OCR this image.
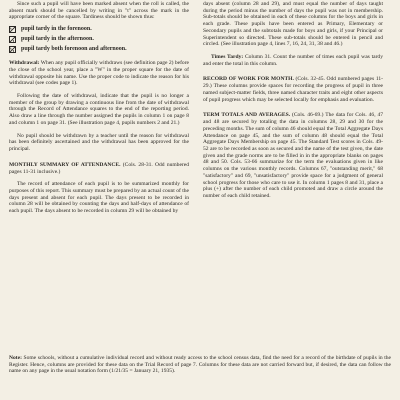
Since such a pupil will have been marked absent when the roll is called, the absent mark should be cancelled by writing in "t" across the mark in the appropriate corner of the square. Tardiness should be shown thus:

t pupil tardy in the forenoon.
t pupil tardy in the afternoon.
t
t pupil tardy both forenoon and afternoon.

Withdrawal: When any pupil officially withdraws (see definition page 2) before the close of the school year, place a "W" in the proper square for the date of withdrawal opposite his name. Use the proper code to indicate the reason for his withdrawal (see codes page 1).

Following the date of withdrawal, indicate that the pupil is no longer a member of the group by drawing a continuous line from the date of withdrawal through the Record of Attendance squares to the end of the reporting period. Also draw a line through the number assigned the pupils in column 1 on page 8 and column 1 on page 31. (See illustration page 4, pupils numbers 2 and 21.)

No pupil should be withdrawn by a teacher until the reason for withdrawal has been definitely ascertained and the withdrawal has been approved for the principal.

MONTHLY SUMMARY OF ATTENDANCE. (Cols. 28-31. Odd numbered pages 11-31 inclusive.)

The record of attendance of each pupil is to be summarized monthly for purposes of this report. This summary must be prepared by an actual count of the days present and absent for each pupil. The days present to be recorded in column 28 will be obtained by counting the days and half-days of attendance of each pupil. The days absent to be recorded in column 29 will be obtained by

days absent (column 28 and 29), and must equal the number of days taught during the period minus the number of days the pupil was not in membership. Sub-totals should be obtained in each of these columns for the boys and girls in each grade. These pupils have been entered as Primary, Elementary or Secondary pupils and the subtotals made for boys and girls, if your Principal or Superintendent so directed. These sub-totals should be entered in pencil and circled. (See illustration page 4, lines 7, 16, 24, 31, 38 and 46.)

Times Tardy: Column 31. Count the number of times each pupil was tardy and enter the total in this column.

RECORD OF WORK FOR MONTH. (Cols. 32-45. Odd numbered pages 11-29.) These columns provide spaces for recording the progress of pupil in three named subject-matter fields, three named character traits and eight other aspects of pupil progress which may be selected locally for emphasis and evaluation.

TERM TOTALS AND AVERAGES. (Cols. 46-69.) The data for Cols. 46, 47 and 48 are secured by totaling the data in columns 28, 29 and 30 for the preceding months. The sum of column 46 should equal the Total Aggregate Days Attendance on page 45, and the sum of column 48 should equal the Total Aggregate Days Membership on page 45. The Standard Test scores in Cols. 49-52 are to be recorded as soon as secured and the name of the test given, the date given and the grade norms are to be filled in in the appropriate blanks on pages 48 and 50. Cols. 53-66 summarize for the term the evaluations given in like columns on the various monthly records. Columns 67, "outstanding merit," 68 "satisfactory" and 69, "unsatisfactory" provide space for a judgment of general school progress for those who care to use it. In column 1 pages 8 and 31, place a plus (+) after the number of each child promoted and draw a circle around the number of each child retained.

Note: Some schools, without a cumulative individual record and without ready access to the school census data, find the need for a record of the birthdate of pupils in the Register. Hence, columns are provided for these data on the Trial Record of page 7. Columns for these data are not carried forward but, if desired, the data can follow the name on any page in the usual notation form (1/21/35 = January 21, 1935).
